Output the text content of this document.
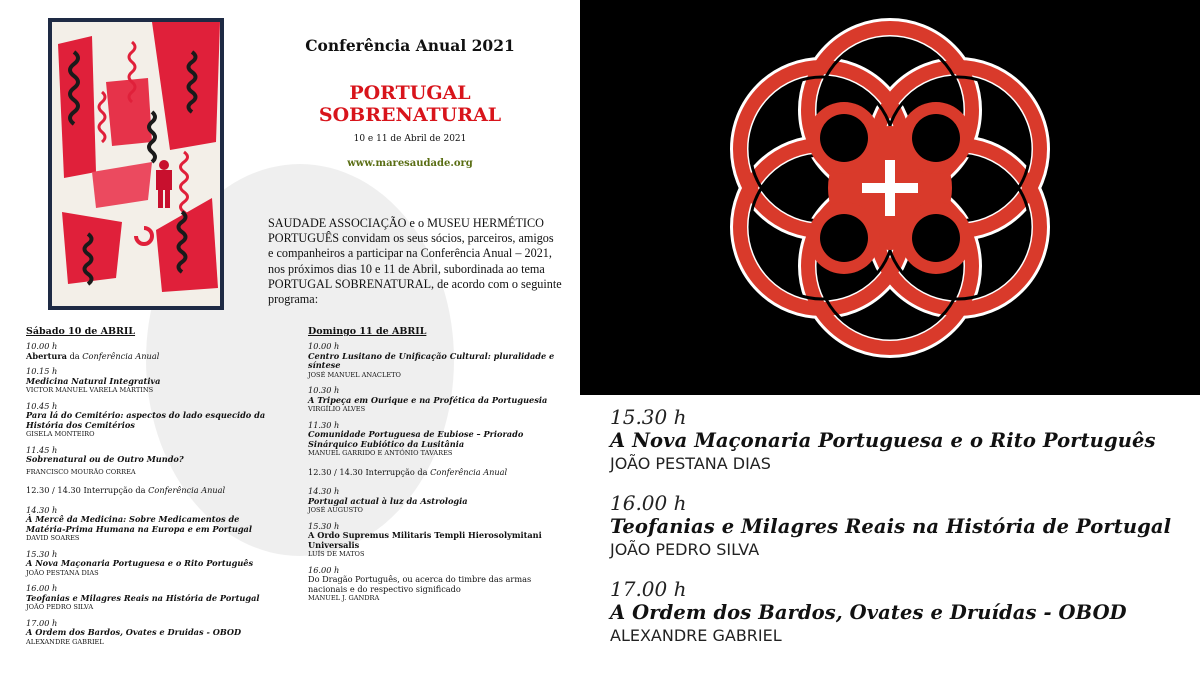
Conferência Anual 2021
PORTUGAL SOBRENATURAL
10 e 11 de Abril de 2021
www.maresaudade.org
SAUDADE ASSOCIAÇÃO e o MUSEU HERMÉTICO
PORTUGUÊS convidam os seus sócios, parceiros, amigos
e companheiros a participar na Conferência Anual – 2021,
nos próximos dias 10 e 11 de Abril, subordinada ao tema
PORTUGAL SOBRENATURAL, de acordo com o seguinte
programa:
Sábado 10 de ABRIL
10.00 h
Abertura da Conferência Anual
10.15 h
Medicina Natural Integrativa
VICTOR MANUEL VARELA MARTINS
10.45 h
Para lá do Cemitério: aspectos do lado esquecido da História dos Cemitérios
GISELA MONTEIRO
11.45 h
Sobrenatural ou de Outro Mundo?
FRANCISCO MOURÃO CORREA
12.30 / 14.30 Interrupção da Conferência Anual
14.30 h
À Mercê da Medicina: Sobre Medicamentos de Matéria-Prima Humana na Europa e em Portugal
DAVID SOARES
15.30 h
A Nova Maçonaria Portuguesa e o Rito Português
JOÃO PESTANA DIAS
16.00 h
Teofanias e Milagres Reais na História de Portugal
JOÃO PEDRO SILVA
17.00 h
A Ordem dos Bardos, Ovates e Druidas - OBOD
ALEXANDRE GABRIEL
Domingo 11 de ABRIL
10.00 h
Centro Lusitano de Unificação Cultural: pluralidade e síntese
JOSÉ MANUEL ANACLETO
10.30 h
A Tripeça em Ourique e na Profética da Portuguesia
VIRGÍLIO ALVES
11.30 h
Comunidade Portuguesa de Eubiose – Priorado Sinárquico Eubiótico da Lusitânia
MANUEL GARRIDO E ANTÓNIO TAVARES
12.30 / 14.30 Interrupção da Conferência Anual
14.30 h
Portugal actual à luz da Astrologia
JOSÉ AUGUSTO
15.30 h
A Ordo Supremus Militaris Templi Hierosolymitani Universalis
LUÍS DE MATOS
16.00 h
Do Dragão Português, ou acerca do timbre das armas nacionais e do respectivo significado
MANUEL J. GANDRA
15.30 h
A Nova Maçonaria Portuguesa e o Rito Português
JOÃO PESTANA DIAS
16.00 h
Teofanias e Milagres Reais na História de Portugal
JOÃO PEDRO SILVA
17.00 h
A Ordem dos Bardos, Ovates e Druídas - OBOD
ALEXANDRE GABRIEL
